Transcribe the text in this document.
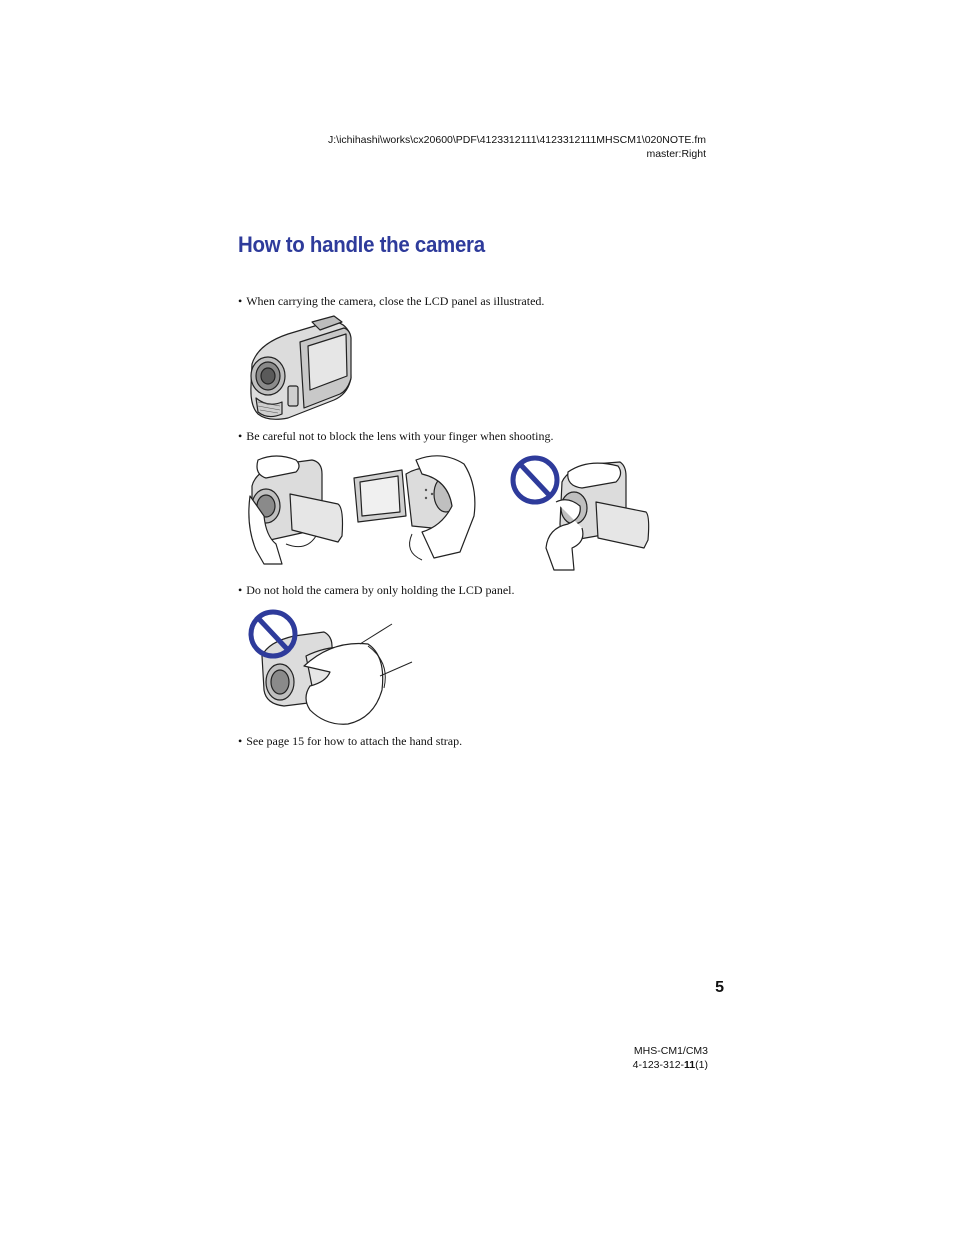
J:\ichihashi\works\cx20600\PDF\4123312111\4123312111MHSCM1\020NOTE.fm
master:Right
How to handle the camera
• When carrying the camera, close the LCD panel as illustrated.
• Be careful not to block the lens with your finger when shooting.
• Do not hold the camera by only holding the LCD panel.
• See page 15 for how to attach the hand strap.
5
MHS-CM1/CM3
4-123-312-11(1)
